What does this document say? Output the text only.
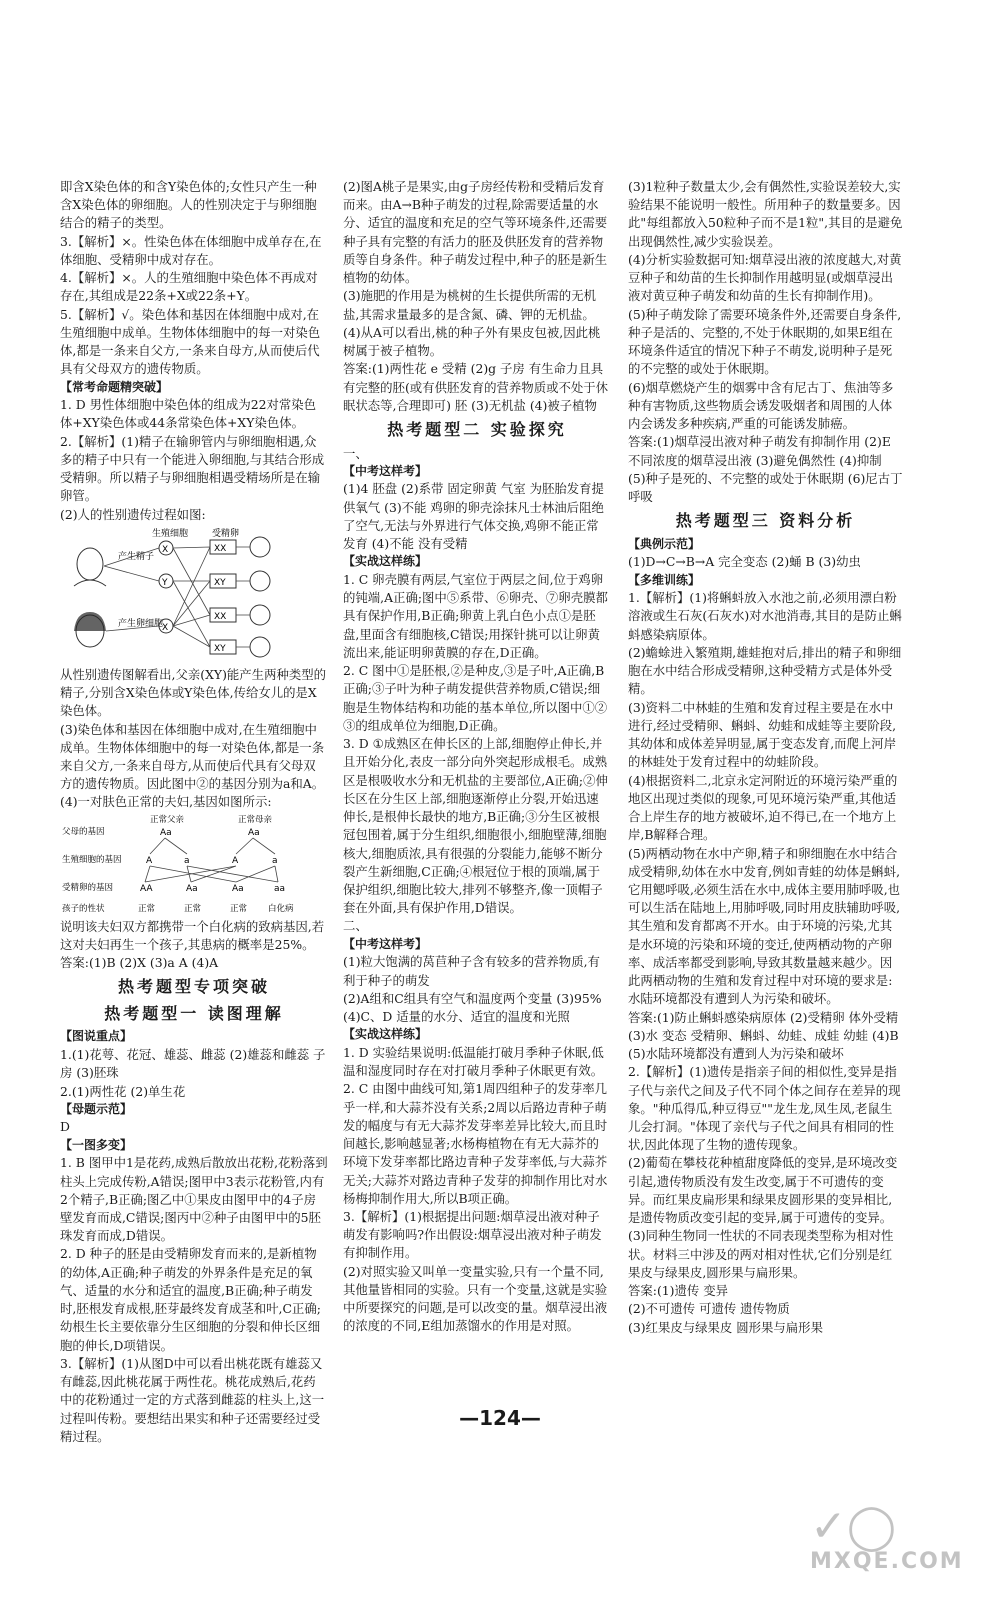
即含X染色体的和含Y染色体的;女性只产生一种含X染色体的卵细胞。人的性别决定于与卵细胞结合的精子的类型。

3.【解析】×。性染色体在体细胞中成单存在,在体细胞、受精卵中成对存在。

4.【解析】×。人的生殖细胞中染色体不再成对存在,其组成是22条+X或22条+Y。

5.【解析】√。染色体和基因在体细胞中成对,在生殖细胞中成单。生物体体细胞中的每一对染色体,都是一条来自父方,一条来自母方,从而使后代具有父母双方的遗传物质。

【常考命题精突破】

1. D 男性体细胞中染色体的组成为22对常染色体+XY染色体或44条常染色体+XY染色体。

2.【解析】(1)精子在输卵管内与卵细胞相遇,众多的精子中只有一个能进入卵细胞,与其结合形成受精卵。所以精子与卵细胞相遇受精场所是在输卵管。

(2)人的性别遗传过程如图:

产生精子
产生卵细胞
生殖细胞	受精卵
X
Y
X
XX
XY
XX
XY

从性别遗传图解看出,父亲(XY)能产生两种类型的精子,分别含X染色体或Y染色体,传给女儿的是X染色体。

(3)染色体和基因在体细胞中成对,在生殖细胞中成单。生物体体细胞中的每一对染色体,都是一条来自父方,一条来自母方,从而使后代具有父母双方的遗传物质。因此图中②的基因分别为a和A。

(4)一对肤色正常的夫妇,基因如图所示:

父母的基因
生殖细胞的基因
受精卵的基因
孩子的性状
正常父亲	正常母亲
Aa	Aa
A	a	A	a
AA	Aa	Aa	aa
正常	正常	正常 白化病

说明该夫妇双方都携带一个白化病的致病基因,若这对夫妇再生一个孩子,其患病的概率是25%。

答案:(1)B (2)X (3)a A (4)A

热考题型专项突破
热考题型一 读图理解

【图说重点】

1.(1)花萼、花冠、雄蕊、雌蕊 (2)雄蕊和雌蕊 子房 (3)胚珠

2.(1)两性花 (2)单生花

【母题示范】

D

【一图多变】

1. B 图甲中1是花药,成熟后散放出花粉,花粉落到柱头上完成传粉,A错误;图甲中3表示花粉管,内有2个精子,B正确;图乙中①果皮由图甲中的4子房壁发育而成,C错误;图丙中②种子由图甲中的5胚珠发育而成,D错误。

2. D 种子的胚是由受精卵发育而来的,是新植物的幼体,A正确;种子萌发的外界条件是充足的氧气、适量的水分和适宜的温度,B正确;种子萌发时,胚根发育成根,胚芽最终发育成茎和叶,C正确;幼根生长主要依靠分生区细胞的分裂和伸长区细胞的伸长,D项错误。

3.【解析】(1)从图D中可以看出桃花既有雄蕊又有雌蕊,因此桃花属于两性花。桃花成熟后,花药中的花粉通过一定的方式落到雌蕊的柱头上,这一过程叫传粉。要想结出果实和种子还需要经过受精过程。

(2)图A桃子是果实,由g子房经传粉和受精后发育而来。由A→B种子萌发的过程,除需要适量的水分、适宜的温度和充足的空气等环境条件,还需要种子具有完整的有活力的胚及供胚发育的营养物质等自身条件。种子萌发过程中,种子的胚是新生植物的幼体。

(3)施肥的作用是为桃树的生长提供所需的无机盐,其需求量最多的是含氮、磷、钾的无机盐。

(4)从A可以看出,桃的种子外有果皮包被,因此桃树属于被子植物。

答案:(1)两性花 e 受精 (2)g 子房 有生命力且具有完整的胚(或有供胚发育的营养物质或不处于休眠状态等,合理即可) 胚 (3)无机盐 (4)被子植物

热考题型二 实验探究

一、

【中考这样考】

(1)4 胚盘 (2)系带 固定卵黄 气室 为胚胎发育提供氧气 (3)不能 鸡卵的卵壳涂抹凡士林油后阻绝了空气,无法与外界进行气体交换,鸡卵不能正常发育 (4)不能 没有受精

【实战这样练】

1. C 卵壳膜有两层,气室位于两层之间,位于鸡卵的钝端,A正确;图中⑤系带、⑥卵壳、⑦卵壳膜都具有保护作用,B正确;卵黄上乳白色小点①是胚盘,里面含有细胞核,C错误;用探针挑可以让卵黄流出来,能证明卵黄膜的存在,D正确。

2. C 图中①是胚根,②是种皮,③是子叶,A正确,B正确;③子叶为种子萌发提供营养物质,C错误;细胞是生物体结构和功能的基本单位,所以图中①②③的组成单位为细胞,D正确。

3. D ①成熟区在伸长区的上部,细胞停止伸长,并且开始分化,表皮一部分向外突起形成根毛。成熟区是根吸收水分和无机盐的主要部位,A正确;②伸长区在分生区上部,细胞逐渐停止分裂,开始迅速伸长,是根伸长最快的地方,B正确;③分生区被根冠包围着,属于分生组织,细胞很小,细胞壁薄,细胞核大,细胞质浓,具有很强的分裂能力,能够不断分裂产生新细胞,C正确;④根冠位于根的顶端,属于保护组织,细胞比较大,排列不够整齐,像一顶帽子套在外面,具有保护作用,D错误。

二、

【中考这样考】

(1)粒大饱满的莴苣种子含有较多的营养物质,有利于种子的萌发

(2)A组和C组具有空气和温度两个变量 (3)95% (4)C、D 适量的水分、适宜的温度和光照

【实战这样练】

1. D 实验结果说明:低温能打破月季种子休眠,低温和湿度同时存在对打破月季种子休眠更有效。

2. C 由图中曲线可知,第1周四组种子的发芽率几乎一样,和大蒜芥没有关系;2周以后路边青种子萌发的幅度与有无大蒜芥发芽率差异比较大,而且时间越长,影响越显著;水杨梅植物在有无大蒜芥的环境下发芽率都比路边青种子发芽率低,与大蒜芥无关;大蒜芥对路边青种子发芽的抑制作用比对水杨梅抑制作用大,所以B项正确。

3.【解析】(1)根据提出问题:烟草浸出液对种子萌发有影响吗?作出假设:烟草浸出液对种子萌发有抑制作用。

(2)对照实验又叫单一变量实验,只有一个量不同,其他量皆相同的实验。只有一个变量,这就是实验中所要探究的问题,是可以改变的量。烟草浸出液的浓度的不同,E组加蒸馏水的作用是对照。

(3)1粒种子数量太少,会有偶然性,实验误差较大,实验结果不能说明一般性。所用种子的数量要多。因此"每组都放入50粒种子而不是1粒",其目的是避免出现偶然性,减少实验误差。

(4)分析实验数据可知:烟草浸出液的浓度越大,对黄豆种子和幼苗的生长抑制作用越明显(或烟草浸出液对黄豆种子萌发和幼苗的生长有抑制作用)。

(5)种子萌发除了需要环境条件外,还需要自身条件,种子是活的、完整的,不处于休眠期的,如果E组在环境条件适宜的情况下种子不萌发,说明种子是死的不完整的或处于休眠期。

(6)烟草燃烧产生的烟雾中含有尼古丁、焦油等多种有害物质,这些物质会诱发吸烟者和周围的人体内会诱发多种疾病,严重的可能诱发肺癌。

答案:(1)烟草浸出液对种子萌发有抑制作用 (2)E 不同浓度的烟草浸出液 (3)避免偶然性 (4)抑制 (5)种子是死的、不完整的或处于休眠期 (6)尼古丁 呼吸

热考题型三 资料分析

【典例示范】

(1)D→C→B→A 完全变态 (2)蛹 B (3)幼虫

【多维训练】

1.【解析】(1)将蝌蚪放入水池之前,必须用漂白粉溶液或生石灰(石灰水)对水池消毒,其目的是防止蝌蚪感染病原体。

(2)蟾蜍进入繁殖期,雄蛙抱对后,排出的精子和卵细胞在水中结合形成受精卵,这种受精方式是体外受精。

(3)资料二中林蛙的生殖和发育过程主要是在水中进行,经过受精卵、蝌蚪、幼蛙和成蛙等主要阶段,其幼体和成体差异明显,属于变态发育,而爬上河岸的林蛙处于发育过程中的幼蛙阶段。

(4)根据资料二,北京永定河附近的环境污染严重的地区出现过类似的现象,可见环境污染严重,其他适合上岸生存的地方被破坏,迫不得已,在一个地方上岸,B解释合理。

(5)两栖动物在水中产卵,精子和卵细胞在水中结合成受精卵,幼体在水中发育,例如青蛙的幼体是蝌蚪,它用鳃呼吸,必须生活在水中,成体主要用肺呼吸,也可以生活在陆地上,用肺呼吸,同时用皮肤辅助呼吸,其生殖和发育都离不开水。由于环境的污染,尤其是水环境的污染和环境的变迁,使两栖动物的产卵率、成活率都受到影响,导致其数量越来越少。因此两栖动物的生殖和发育过程中对环境的要求是:水陆环境都没有遭到人为污染和破坏。

答案:(1)防止蝌蚪感染病原体 (2)受精卵 体外受精 (3)水 变态 受精卵、蝌蚪、幼蛙、成蛙 幼蛙 (4)B (5)水陆环境都没有遭到人为污染和破坏

2.【解析】(1)遗传是指亲子间的相似性,变异是指子代与亲代之间及子代不同个体之间存在差异的现象。"种瓜得瓜,种豆得豆""龙生龙,凤生凤,老鼠生儿会打洞。"体现了亲代与子代之间具有相同的性状,因此体现了生物的遗传现象。

(2)葡萄在攀枝花种植甜度降低的变异,是环境改变引起,遗传物质没有发生改变,属于不可遗传的变异。而红果皮扁形果和绿果皮圆形果的变异相比,是遗传物质改变引起的变异,属于可遗传的变异。

(3)同种生物同一性状的不同表现类型称为相对性状。材料三中涉及的两对相对性状,它们分别是红果皮与绿果皮,圆形果与扁形果。

答案:(1)遗传 变异

(2)不可遗传 可遗传 遗传物质

(3)红果皮与绿果皮 圆形果与扁形果

—124—
✓◯
MXQE.COM
